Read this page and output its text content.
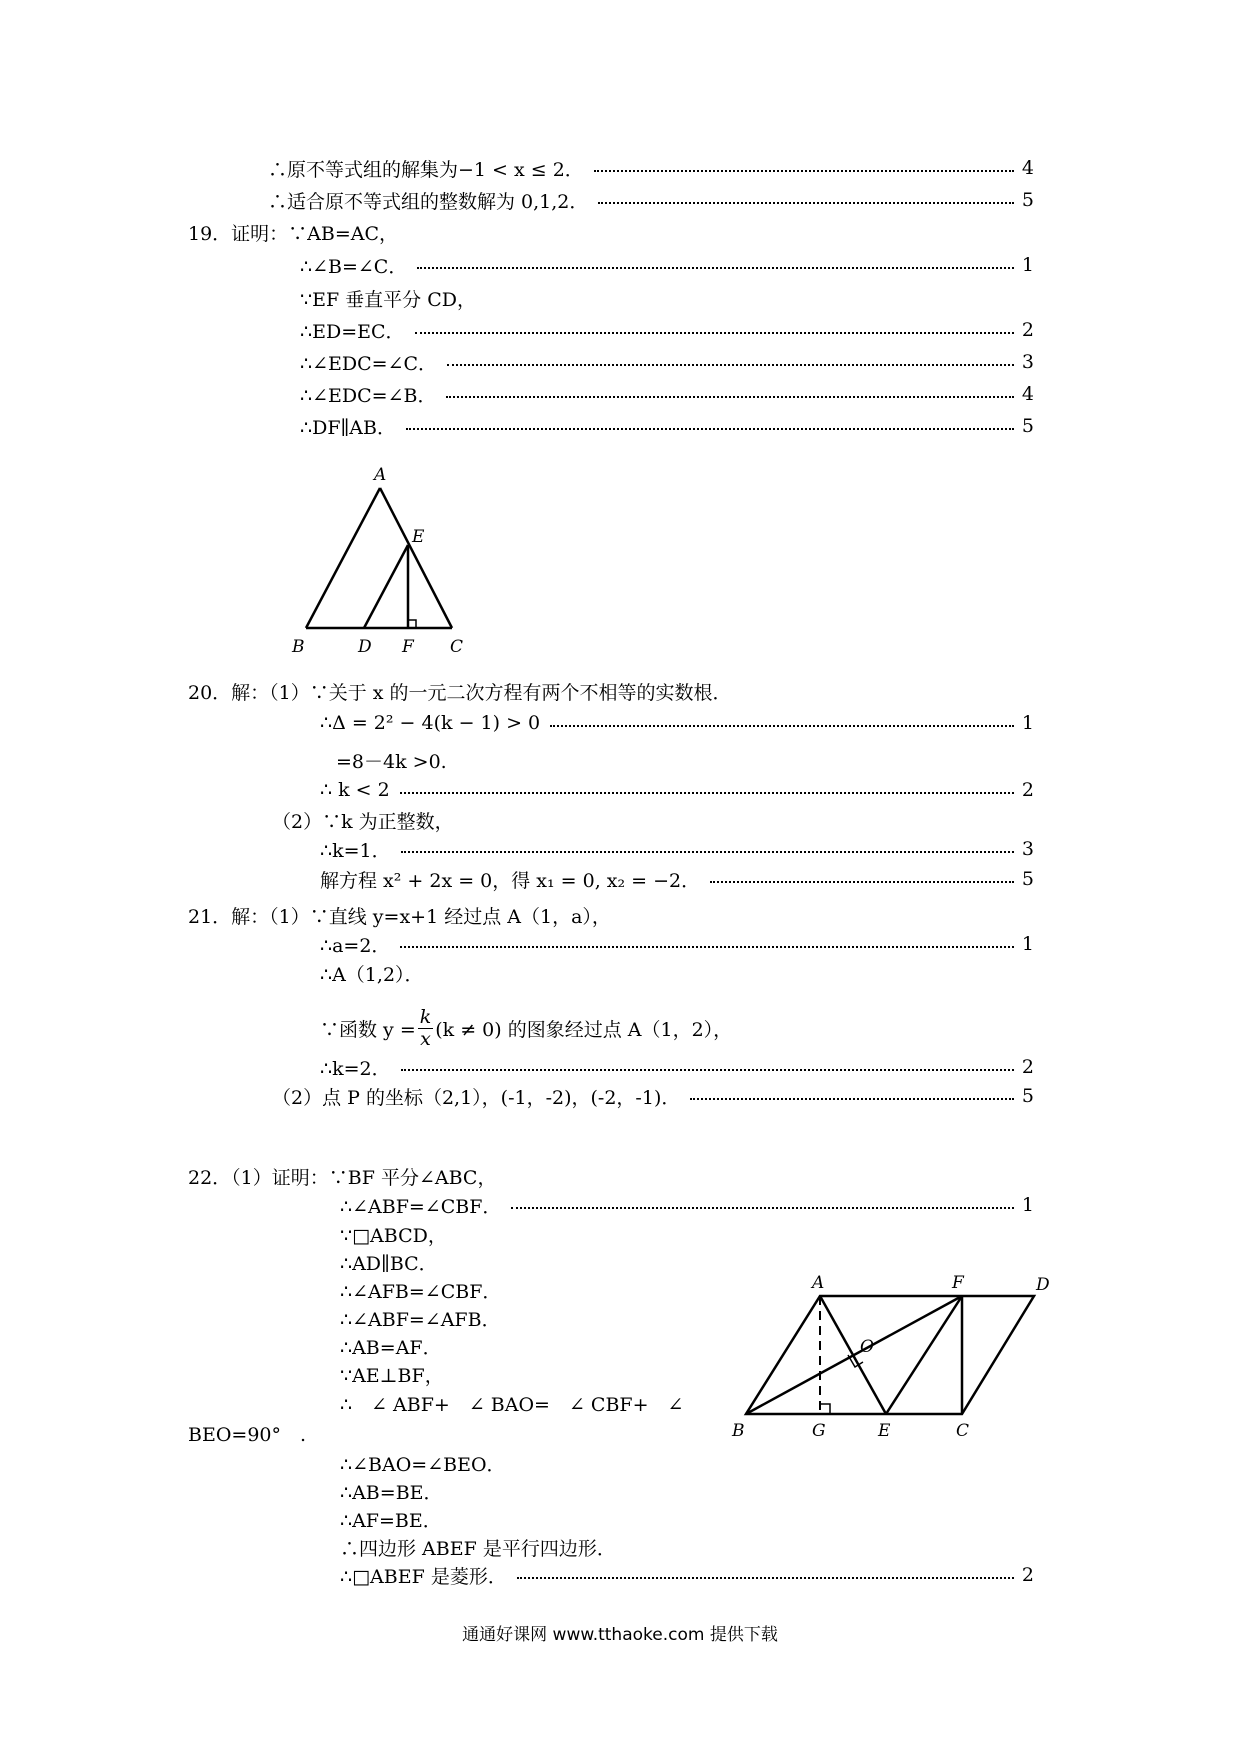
∴原不等式组的解集为−1 < x ≤ 2．	4
∴适合原不等式组的整数解为 0,1,2．	5
19．证明：∵AB=AC，
∴∠B=∠C．	1
∵EF 垂直平分 CD，
∴ED=EC．	2
∴∠EDC=∠C．	3
∴∠EDC=∠B．	4
∴DF∥AB．	5
A
E
B	D F C
20．解：（1）∵关于 x 的一元二次方程有两个不相等的实数根．
∴Δ = 2² − 4(k − 1) > 0	1
=8－4k >0.
∴ k < 2	2
（2）∵k 为正整数，
∴k=1．	3
解方程 x² + 2x = 0，得 x₁ = 0, x₂ = −2．	5
21．解：（1）∵直线 y=x+1 经过点 A（1，a），
∴a=2．	1
∴A（1,2）．
∵函数 $y = \frac{k}{x} (k \ne 0)$ 的图象经过点 A（1，2），
∴k=2．	2
（2）点 P 的坐标（2,1），(-1，-2)，(-2，-1)．	5
22．（1）证明：∵BF 平分∠ABC，
∴∠ABF=∠CBF．	1
∵□ABCD，
∴AD∥BC．
∴∠AFB=∠CBF．
∴∠ABF=∠AFB．
∴AB=AF．
∵AE⊥BF，
∴　∠ ABF+　∠ BAO=　∠ CBF+　∠
BEO=90°　.
∴∠BAO=∠BEO．
∴AB=BE．
∴AF=BE．
∴四边形 ABEF 是平行四边形．
∴□ABEF 是菱形．	2
A	F	D
O
B	G	E	C
通通好课网 www.tthaoke.com 提供下载
